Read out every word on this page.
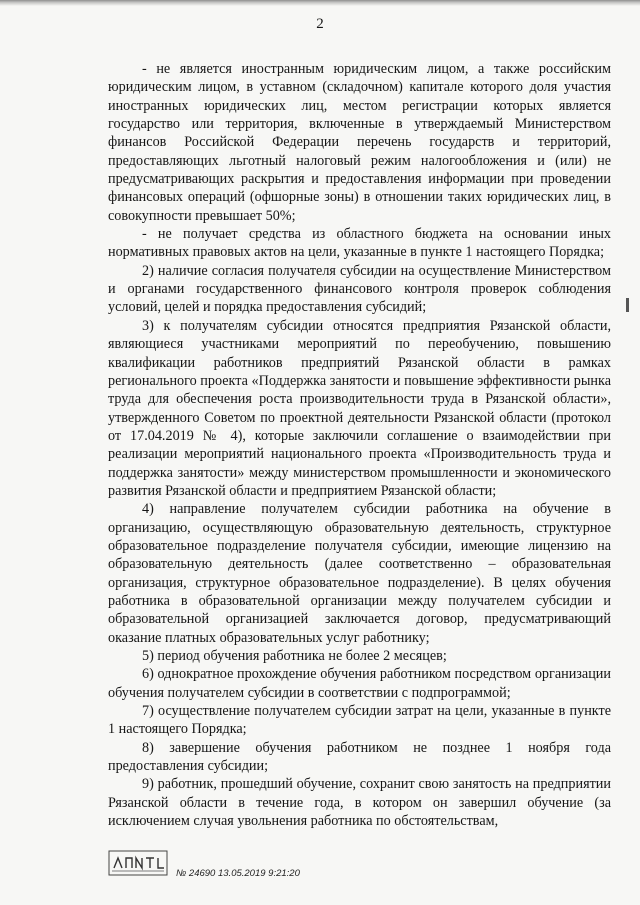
2

- не является иностранным юридическим лицом, а также российским юридическим лицом, в уставном (складочном) капитале которого доля участия иностранных юридических лиц, местом регистрации которых является государство или территория, включенные в утверждаемый Министерством финансов Российской Федерации перечень государств и территорий, предоставляющих льготный налоговый режим налогообложения и (или) не предусматривающих раскрытия и предоставления информации при проведении финансовых операций (офшорные зоны) в отношении таких юридических лиц, в совокупности превышает 50%;

- не получает средства из областного бюджета на основании иных нормативных правовых актов на цели, указанные в пункте 1 настоящего Порядка;

2) наличие согласия получателя субсидии на осуществление Министерством и органами государственного финансового контроля проверок соблюдения условий, целей и порядка предоставления субсидий;

3) к получателям субсидии относятся предприятия Рязанской области, являющиеся участниками мероприятий по переобучению, повышению квалификации работников предприятий Рязанской области в рамках регионального проекта «Поддержка занятости и повышение эффективности рынка труда для обеспечения роста производительности труда в Рязанской области», утвержденного Советом по проектной деятельности Рязанской области (протокол от 17.04.2019 № 4), которые заключили соглашение о взаимодействии при реализации мероприятий национального проекта «Производительность труда и поддержка занятости» между министерством промышленности и экономического развития Рязанской области и предприятием Рязанской области;

4) направление получателем субсидии работника на обучение в организацию, осуществляющую образовательную деятельность, структурное образовательное подразделение получателя субсидии, имеющие лицензию на образовательную деятельность (далее соответственно – образовательная организация, структурное образовательное подразделение). В целях обучения работника в образовательной организации между получателем субсидии и образовательной организацией заключается договор, предусматривающий оказание платных образовательных услуг работнику;

5) период обучения работника не более 2 месяцев;

6) однократное прохождение обучения работником посредством организации обучения получателем субсидии в соответствии с подпрограммой;

7) осуществление получателем субсидии затрат на цели, указанные в пункте 1 настоящего Порядка;

8) завершение обучения работником не позднее 1 ноября года предоставления субсидии;

9) работник, прошедший обучение, сохранит свою занятость на предприятии Рязанской области в течение года, в котором он завершил обучение (за исключением случая увольнения работника по обстоятельствам,

№ 24690 13.05.2019 9:21:20
